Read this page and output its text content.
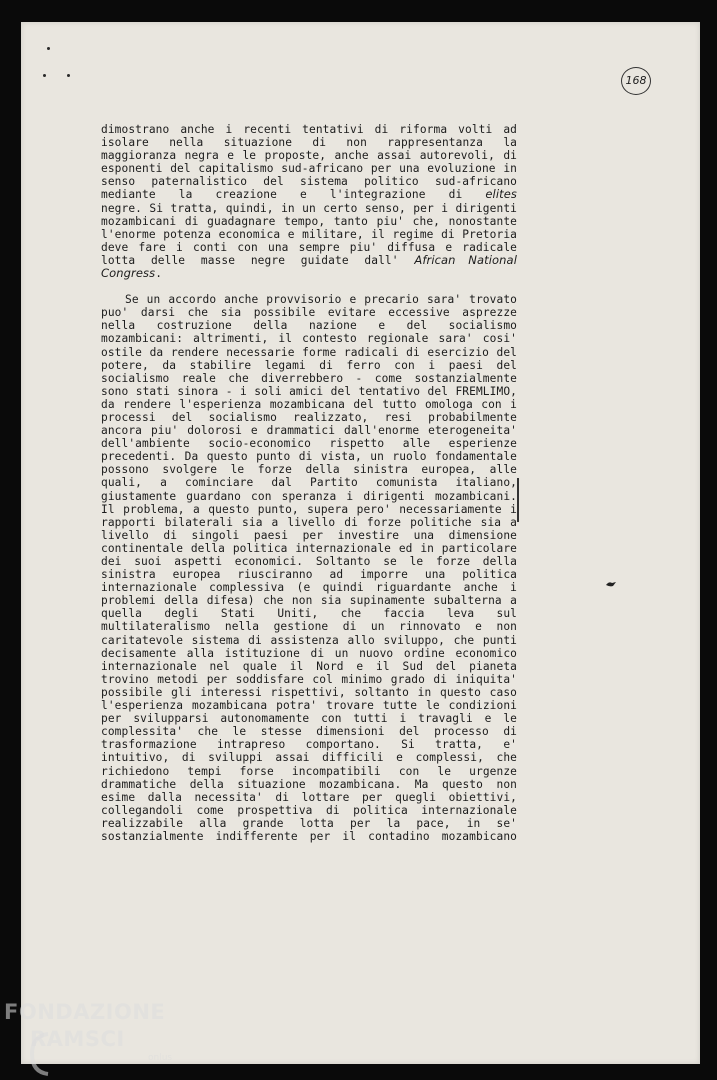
168
dimostrano anche i recenti tentativi di riforma volti ad
isolare nella situazione di non rappresentanza la
maggioranza negra e le proposte, anche assai autorevoli, di
esponenti del capitalismo sud-africano per una evoluzione in
senso paternalistico del sistema politico sud-africano
mediante la creazione e l'integrazione di elites
negre. Si tratta, quindi, in un certo senso, per i dirigenti
mozambicani di guadagnare tempo, tanto piu' che, nonostante
l'enorme potenza economica e militare, il regime di Pretoria
deve fare i conti con una sempre piu' diffusa e radicale
lotta delle masse negre guidate dall' African National
Congress.
Se un accordo anche provvisorio e precario sara' trovato
puo' darsi che sia possibile evitare eccessive asprezze
nella costruzione della nazione e del socialismo
mozambicani: altrimenti, il contesto regionale sara' cosi'
ostile da rendere necessarie forme radicali di esercizio del
potere, da stabilire legami di ferro con i paesi del
socialismo reale che diverrebbero - come sostanzialmente
sono stati sinora - i soli amici del tentativo del FREMLIMO,
da rendere l'esperienza mozambicana del tutto omologa con i
processi del socialismo realizzato, resi probabilmente
ancora piu' dolorosi e drammatici dall'enorme eterogeneita'
dell'ambiente socio-economico rispetto alle esperienze
precedenti. Da questo punto di vista, un ruolo fondamentale
possono svolgere le forze della sinistra europea, alle
quali, a cominciare dal Partito comunista italiano,
giustamente guardano con speranza i dirigenti mozambicani.
Il problema, a questo punto, supera pero' necessariamente i
rapporti bilaterali sia a livello di forze politiche sia a
livello di singoli paesi per investire una dimensione
continentale della politica internazionale ed in particolare
dei suoi aspetti economici. Soltanto se le forze della
sinistra europea riusciranno ad imporre una politica
internazionale complessiva (e quindi riguardante anche i
problemi della difesa) che non sia supinamente subalterna a
quella degli Stati Uniti, che faccia leva sul
multilateralismo nella gestione di un rinnovato e non
caritatevole sistema di assistenza allo sviluppo, che punti
decisamente alla istituzione di un nuovo ordine economico
internazionale nel quale il Nord e il Sud del pianeta
trovino metodi per soddisfare col minimo grado di iniquita'
possibile gli interessi rispettivi, soltanto in questo caso
l'esperienza mozambicana potra' trovare tutte le condizioni
per svilupparsi autonomamente con tutti i travagli e le
complessita' che le stesse dimensioni del processo di
trasformazione intrapreso comportano. Si tratta, e'
intuitivo, di sviluppi assai difficili e complessi, che
richiedono tempi forse incompatibili con le urgenze
drammatiche della situazione mozambicana. Ma questo non
esime dalla necessita' di lottare per quegli obiettivi,
collegandoli come prospettiva di politica internazionale
realizzabile alla grande lotta per la pace, in se'
sostanzialmente indifferente per il contadino mozambicano
FONDAZIONE
RAMSCI
onlus
